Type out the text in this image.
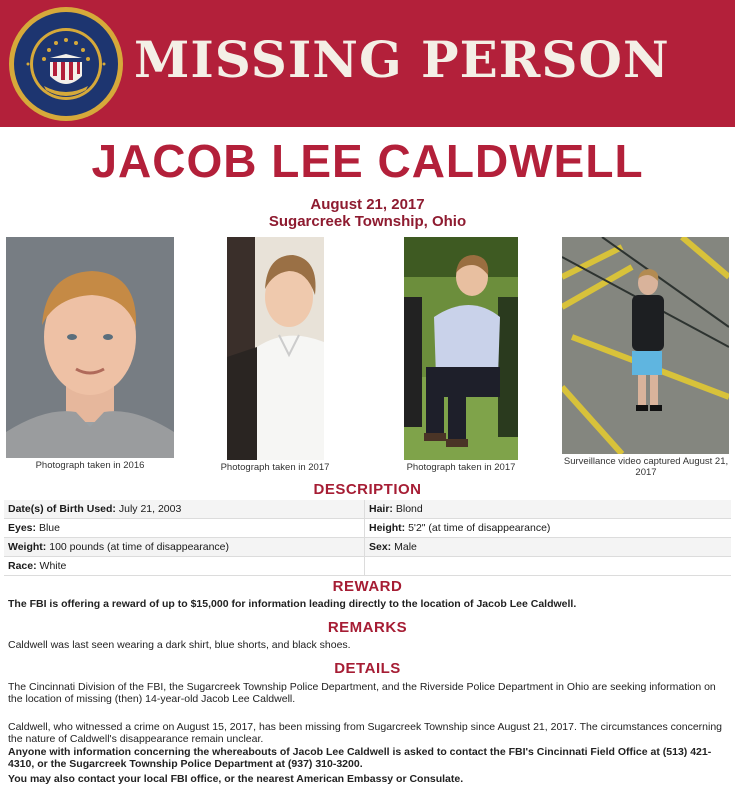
MISSING PERSON
JACOB LEE CALDWELL
August 21, 2017
Sugarcreek Township, Ohio
Photograph taken in 2016	Photograph taken in 2017	Photograph taken in 2017
Surveillance video captured August 21, 2017
DESCRIPTION
Date(s) of Birth Used: July 21, 2003	Hair: Blond
Eyes: Blue	Height: 5'2" (at time of disappearance)
Weight: 100 pounds (at time of disappearance)	Sex: Male
Race: White	
REWARD
The FBI is offering a reward of up to $15,000 for information leading directly to the location of Jacob Lee Caldwell.
REMARKS
Caldwell was last seen wearing a dark shirt, blue shorts, and black shoes.
DETAILS
The Cincinnati Division of the FBI, the Sugarcreek Township Police Department, and the Riverside Police Department in Ohio are seeking information on the location of missing (then) 14-year-old Jacob Lee Caldwell.
Caldwell, who witnessed a crime on August 15, 2017, has been missing from Sugarcreek Township since August 21, 2017. The circumstances concerning the nature of Caldwell's disappearance remain unclear.
Anyone with information concerning the whereabouts of Jacob Lee Caldwell is asked to contact the FBI's Cincinnati Field Office at (513) 421-4310, or the Sugarcreek Township Police Department at (937) 310-3200.
You may also contact your local FBI office, or the nearest American Embassy or Consulate.
